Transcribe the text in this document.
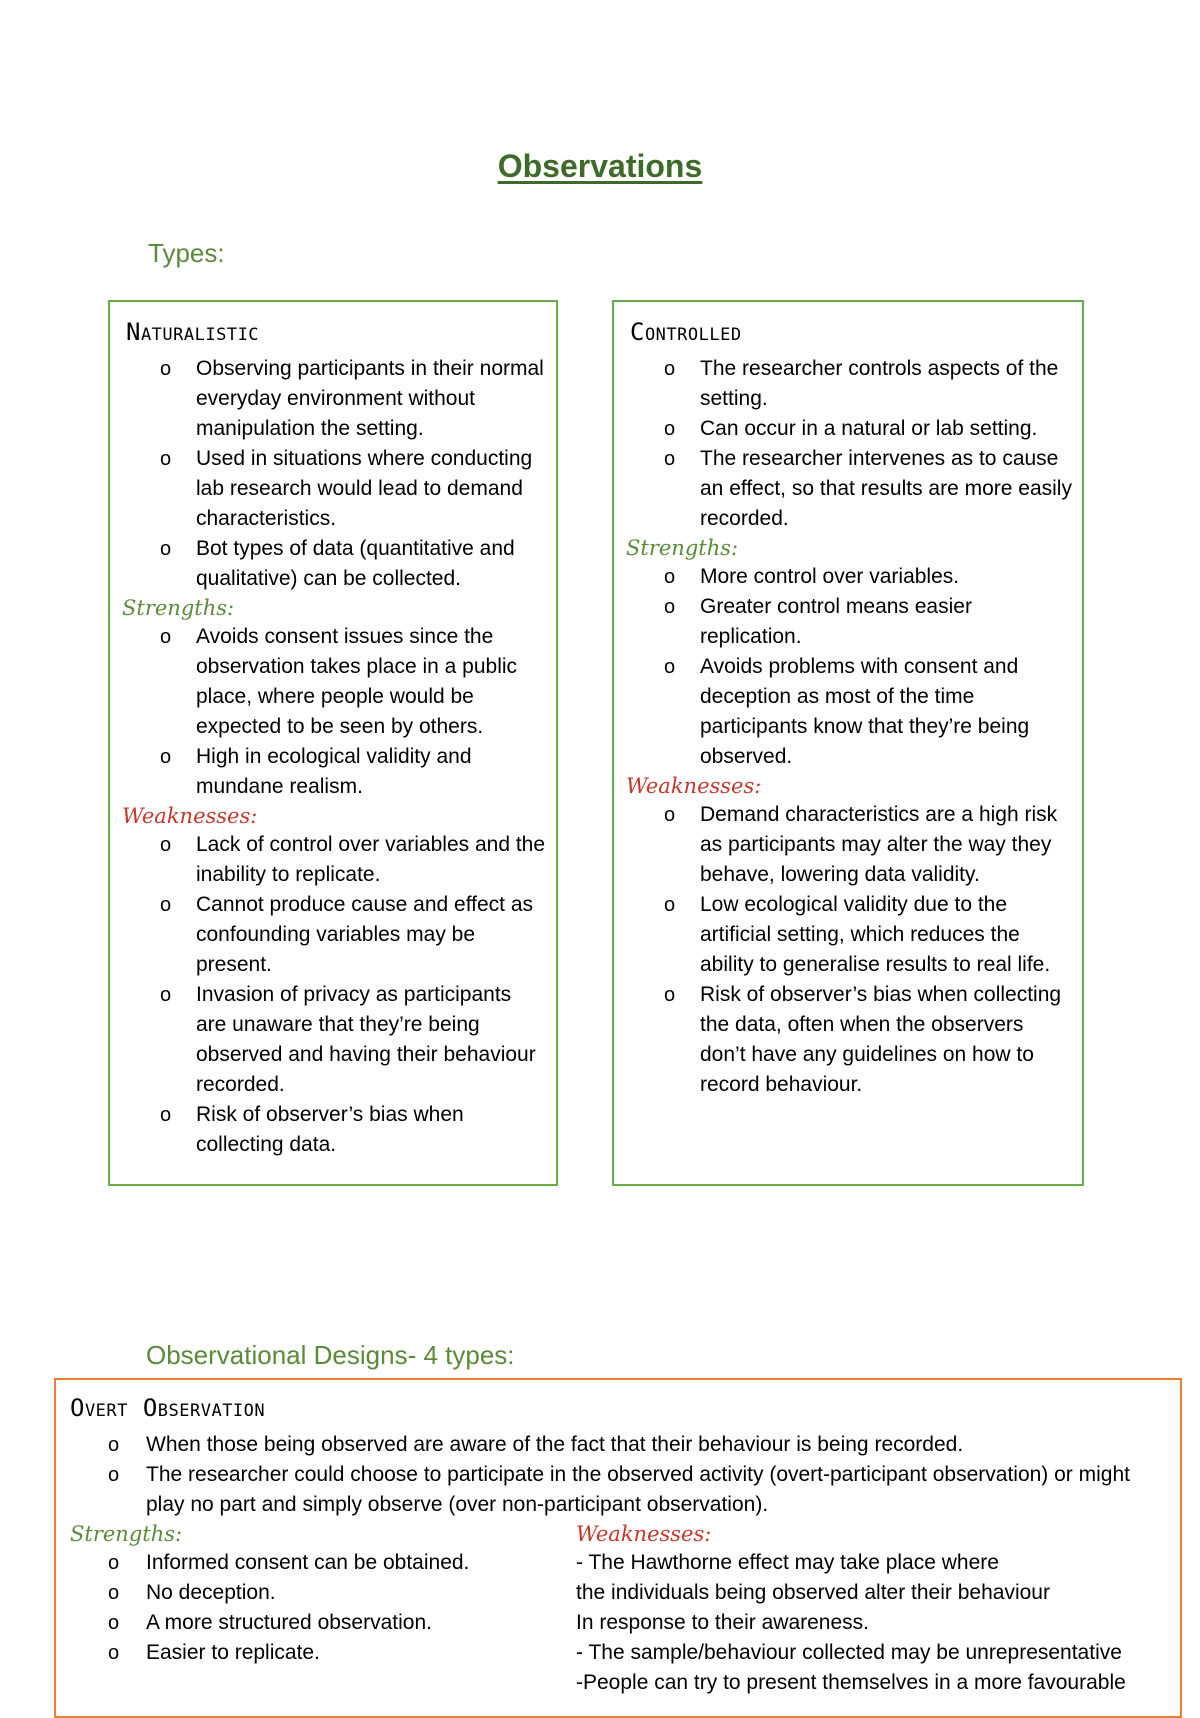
Observations
Types:
Naturalistic
o Observing participants in their normal everyday environment without manipulation the setting.
o Used in situations where conducting lab research would lead to demand characteristics.
o Bot types of data (quantitative and qualitative) can be collected.
Strengths:
o Avoids consent issues since the observation takes place in a public place, where people would be expected to be seen by others.
o High in ecological validity and mundane realism.
Weaknesses:
o Lack of control over variables and the inability to replicate.
o Cannot produce cause and effect as confounding variables may be present.
o Invasion of privacy as participants are unaware that they’re being observed and having their behaviour recorded.
o Risk of observer’s bias when collecting data.
Controlled
o The researcher controls aspects of the setting.
o Can occur in a natural or lab setting.
o The researcher intervenes as to cause an effect, so that results are more easily recorded.
Strengths:
o More control over variables.
o Greater control means easier replication.
o Avoids problems with consent and deception as most of the time participants know that they’re being observed.
Weaknesses:
o Demand characteristics are a high risk as participants may alter the way they behave, lowering data validity.
o Low ecological validity due to the artificial setting, which reduces the ability to generalise results to real life.
o Risk of observer’s bias when collecting the data, often when the observers don’t have any guidelines on how to record behaviour.
Observational Designs- 4 types:
Overt Observation
o When those being observed are aware of the fact that their behaviour is being recorded.
o The researcher could choose to participate in the observed activity (overt-participant observation) or might play no part and simply observe (over non-participant observation).
Strengths:
o Informed consent can be obtained.
o No deception.
o A more structured observation.
o Easier to replicate.
Weaknesses:
- The Hawthorne effect may take place where
the individuals being observed alter their behaviour
In response to their awareness.
- The sample/behaviour collected may be unrepresentative
-People can try to present themselves in a more favourable
